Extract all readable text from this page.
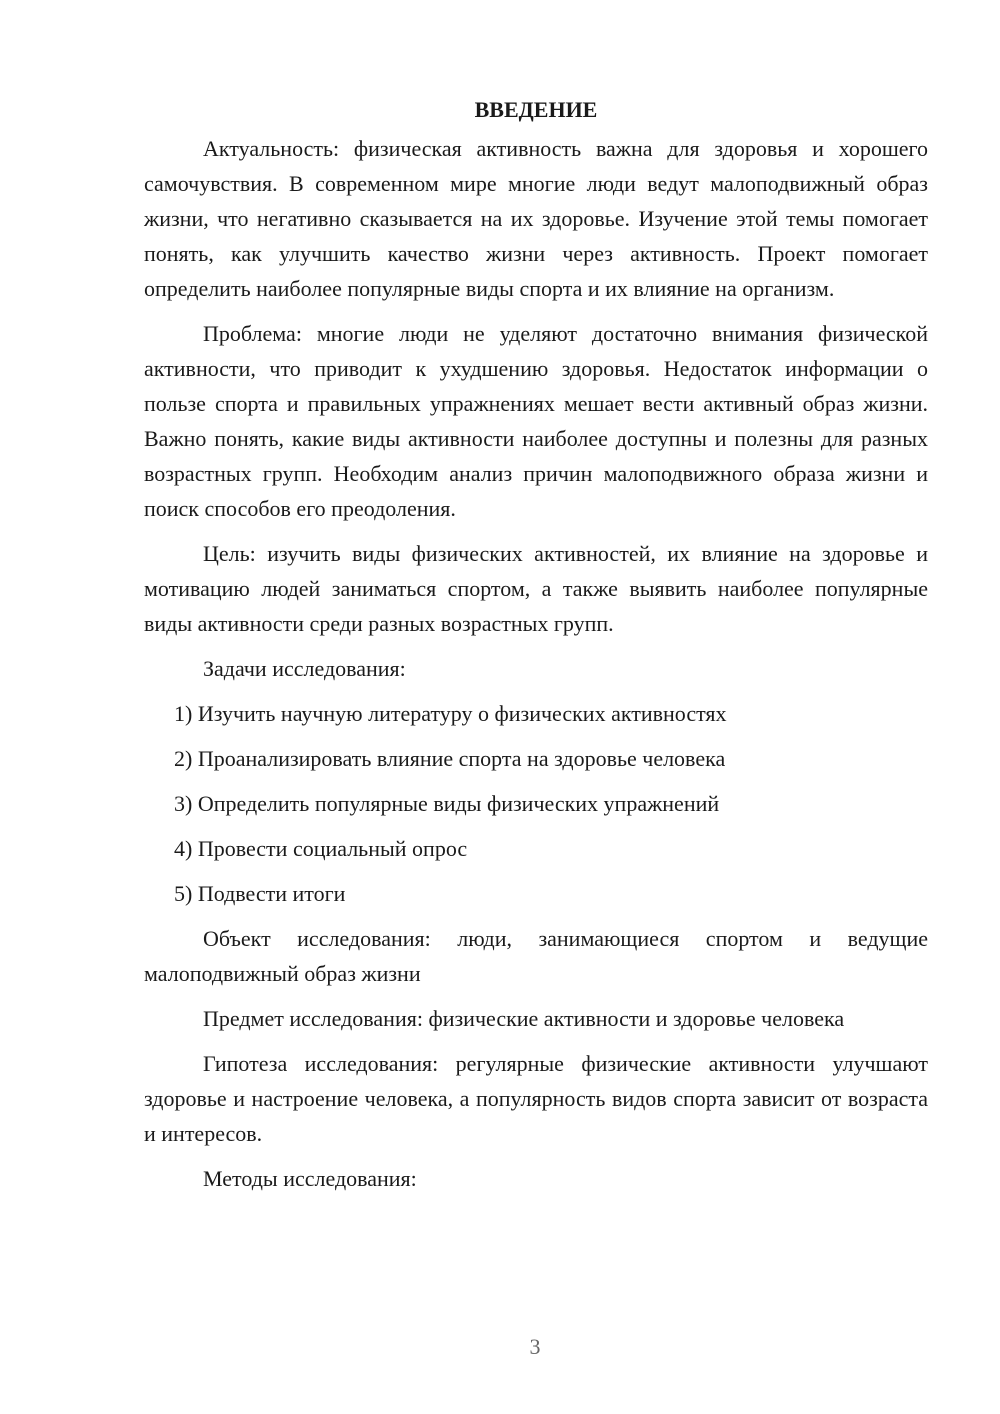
ВВЕДЕНИЕ

Актуальность: физическая активность важна для здоровья и хорошего самочувствия. В современном мире многие люди ведут малоподвижный образ жизни, что негативно сказывается на их здоровье. Изучение этой темы помогает понять, как улучшить качество жизни через активность. Проект помогает определить наиболее популярные виды спорта и их влияние на организм.

Проблема: многие люди не уделяют достаточно внимания физической активности, что приводит к ухудшению здоровья. Недостаток информации о пользе спорта и правильных упражнениях мешает вести активный образ жизни. Важно понять, какие виды активности наиболее доступны и полезны для разных возрастных групп. Необходим анализ причин малоподвижного образа жизни и поиск способов его преодоления.

Цель: изучить виды физических активностей, их влияние на здоровье и мотивацию людей заниматься спортом, а также выявить наиболее популярные виды активности среди разных возрастных групп.

Задачи исследования:

1) Изучить научную литературу о физических активностях
2) Проанализировать влияние спорта на здоровье человека
3) Определить популярные виды физических упражнений
4) Провести социальный опрос
5) Подвести итоги

Объект исследования: люди, занимающиеся спортом и ведущие малоподвижный образ жизни

Предмет исследования: физические активности и здоровье человека

Гипотеза исследования: регулярные физические активности улучшают здоровье и настроение человека, а популярность видов спорта зависит от возраста и интересов.

Методы исследования:

3
